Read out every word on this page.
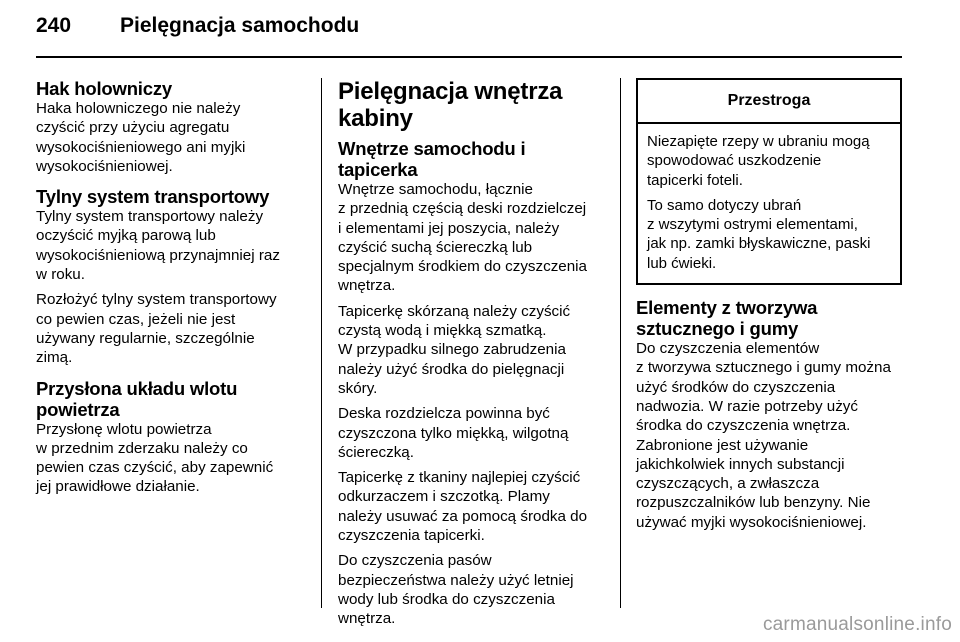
240 Pielęgnacja samochodu
Hak holowniczy

Haka holowniczego nie należy
czyścić przy użyciu agregatu
wysokociśnieniowego ani myjki
wysokociśnieniowej.

Tylny system transportowy

Tylny system transportowy należy
oczyścić myjką parową lub
wysokociśnieniową przynajmniej raz
w roku.

Rozłożyć tylny system transportowy
co pewien czas, jeżeli nie jest
używany regularnie, szczególnie
zimą.

Przysłona układu wlotu
powietrza

Przysłonę wlotu powietrza
w przednim zderzaku należy co
pewien czas czyścić, aby zapewnić
jej prawidłowe działanie.

Pielęgnacja wnętrza
kabiny
Wnętrze samochodu i tapicerka

Wnętrze samochodu, łącznie
z przednią częścią deski rozdzielczej
i elementami jej poszycia, należy
czyścić suchą ściereczką lub
specjalnym środkiem do czyszczenia
wnętrza.

Tapicerkę skórzaną należy czyścić
czystą wodą i miękką szmatką.
W przypadku silnego zabrudzenia
należy użyć środka do pielęgnacji
skóry.

Deska rozdzielcza powinna być
czyszczona tylko miękką, wilgotną
ściereczką.

Tapicerkę z tkaniny najlepiej czyścić
odkurzaczem i szczotką. Plamy
należy usuwać za pomocą środka do
czyszczenia tapicerki.

Do czyszczenia pasów
bezpieczeństwa należy użyć letniej
wody lub środka do czyszczenia
wnętrza.

Przestroga

Niezapięte rzepy w ubraniu mogą
spowodować uszkodzenie
tapicerki foteli.

To samo dotyczy ubrań
z wszytymi ostrymi elementami,
jak np. zamki błyskawiczne, paski
lub ćwieki.

Elementy z tworzywa
sztucznego i gumy

Do czyszczenia elementów
z tworzywa sztucznego i gumy można
użyć środków do czyszczenia
nadwozia. W razie potrzeby użyć
środka do czyszczenia wnętrza.
Zabronione jest używanie
jakichkolwiek innych substancji
czyszczących, a zwłaszcza
rozpuszczalników lub benzyny. Nie
używać myjki wysokociśnieniowej.

carmanualsonline.info
